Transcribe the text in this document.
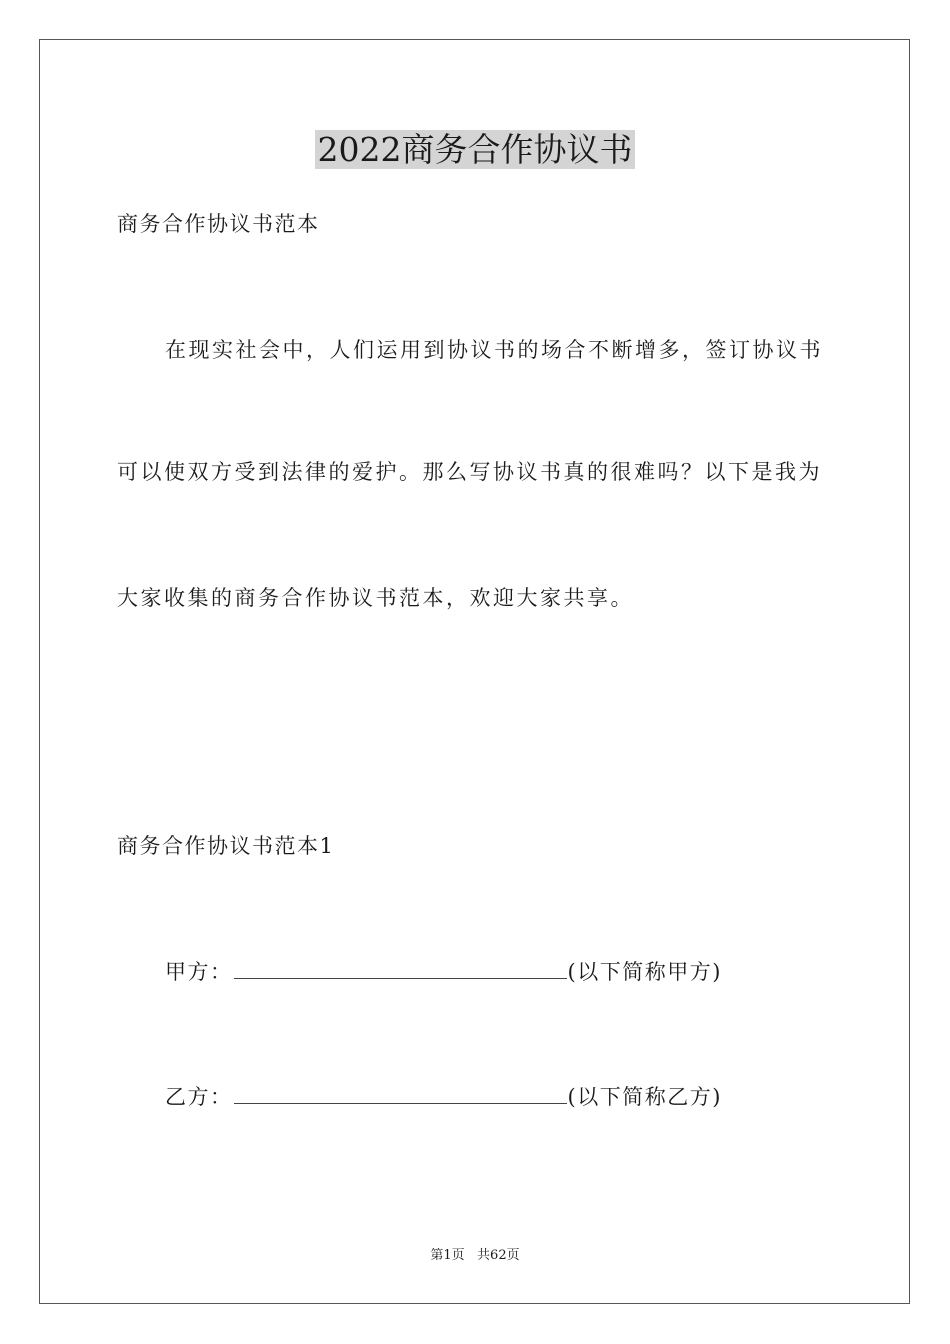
2022商务合作协议书
商务合作协议书范本
在现实社会中，人们运用到协议书的场合不断增多，签订协议书
可以使双方受到法律的爱护。那么写协议书真的很难吗？以下是我为
大家收集的商务合作协议书范本，欢迎大家共享。
商务合作协议书范本1
甲方：	(以下简称甲方)
乙方：	(以下简称乙方)
第1页   共62页
